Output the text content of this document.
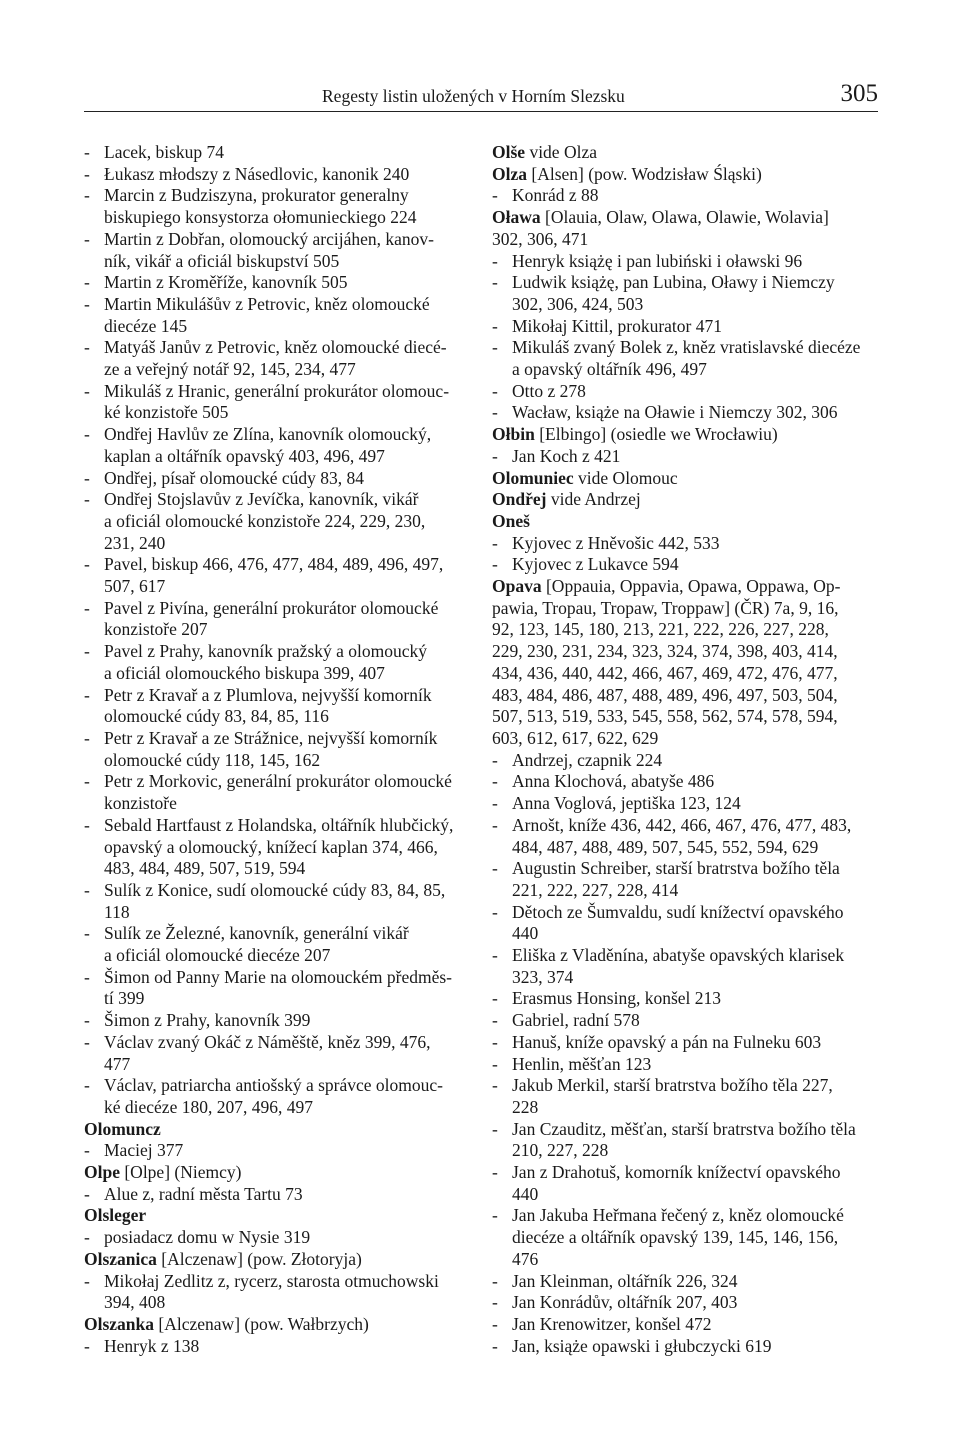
Regesty listin uložených v Horním Slezsku	305
- Lacek, biskup 74
- Łukasz młodszy z Násedlovic, kanonik 240
- Marcin z Budziszyna, prokurator generalny
biskupiego konsystorza ołomunieckiego 224
- Martin z Dobřan, olomoucký arcijáhen, kanov-
ník, vikář a oficiál biskupství 505
- Martin z Kroměříže, kanovník 505
- Martin Mikulášův z Petrovic, kněz olomoucké
diecéze 145
- Matyáš Janův z Petrovic, kněz olomoucké diecé-
ze a veřejný notář 92, 145, 234, 477
- Mikuláš z Hranic, generální prokurátor olomouc-
ké konzistoře 505
- Ondřej Havlův ze Zlína, kanovník olomoucký,
kaplan a oltářník opavský 403, 496, 497
- Ondřej, písař olomoucké cúdy 83, 84
- Ondřej Stojslavův z Jevíčka, kanovník, vikář
a oficiál olomoucké konzistoře 224, 229, 230,
231, 240
- Pavel, biskup 466, 476, 477, 484, 489, 496, 497,
507, 617
- Pavel z Pivína, generální prokurátor olomoucké
konzistoře 207
- Pavel z Prahy, kanovník pražský a olomoucký
a oficiál olomouckého biskupa 399, 407
- Petr z Kravař a z Plumlova, nejvyšší komorník
olomoucké cúdy 83, 84, 85, 116
- Petr z Kravař a ze Strážnice, nejvyšší komorník
olomoucké cúdy 118, 145, 162
- Petr z Morkovic, generální prokurátor olomoucké
konzistoře
- Sebald Hartfaust z Holandska, oltářník hlubčický,
opavský a olomoucký, knížecí kaplan 374, 466,
483, 484, 489, 507, 519, 594
- Sulík z Konice, sudí olomoucké cúdy 83, 84, 85,
118
- Sulík ze Železné, kanovník, generální vikář
a oficiál olomoucké diecéze 207
- Šimon od Panny Marie na olomouckém předměs-
tí 399
- Šimon z Prahy, kanovník 399
- Václav zvaný Okáč z Náměště, kněz 399, 476,
477
- Václav, patriarcha antiošský a správce olomouc-
ké diecéze 180, 207, 496, 497
Olomuncz
- Maciej 377
Olpe [Olpe] (Niemcy)
- Alue z, radní města Tartu 73
Olsleger
- posiadacz domu w Nysie 319
Olszanica [Alczenaw] (pow. Złotoryja)
- Mikołaj Zedlitz z, rycerz, starosta otmuchowski
394, 408
Olszanka [Alczenaw] (pow. Wałbrzych)
- Henryk z 138
Olše vide Olza
Olza [Alsen] (pow. Wodzisław Śląski)
- Konrád z 88
Oława [Olauia, Olaw, Olawa, Olawie, Wolavia]
302, 306, 471
- Henryk książę i pan lubiński i oławski 96
- Ludwik książę, pan Lubina, Oławy i Niemczy
302, 306, 424, 503
- Mikołaj Kittil, prokurator 471
- Mikuláš zvaný Bolek z, kněz vratislavské diecéze
a opavský oltářník 496, 497
- Otto z 278
- Wacław, książe na Oławie i Niemczy 302, 306
Ołbin [Elbingo] (osiedle we Wrocławiu)
- Jan Koch z 421
Olomuniec vide Olomouc
Ondřej vide Andrzej
Oneš
- Kyjovec z Hněvošic 442, 533
- Kyjovec z Lukavce 594
Opava [Oppauia, Oppavia, Opawa, Oppawa, Op-
pawia, Tropau, Tropaw, Troppaw] (ČR) 7a, 9, 16,
92, 123, 145, 180, 213, 221, 222, 226, 227, 228,
229, 230, 231, 234, 323, 324, 374, 398, 403, 414,
434, 436, 440, 442, 466, 467, 469, 472, 476, 477,
483, 484, 486, 487, 488, 489, 496, 497, 503, 504,
507, 513, 519, 533, 545, 558, 562, 574, 578, 594,
603, 612, 617, 622, 629
- Andrzej, czapnik 224
- Anna Klochová, abatyše 486
- Anna Voglová, jeptiška 123, 124
- Arnošt, kníže 436, 442, 466, 467, 476, 477, 483,
484, 487, 488, 489, 507, 545, 552, 594, 629
- Augustin Schreiber, starší bratrstva božího těla
221, 222, 227, 228, 414
- Dětoch ze Šumvaldu, sudí knížectví opavského
440
- Eliška z Vladěnína, abatyše opavských klarisek
323, 374
- Erasmus Honsing, konšel 213
- Gabriel, radní 578
- Hanuš, kníže opavský a pán na Fulneku 603
- Henlin, měšťan 123
- Jakub Merkil, starší bratrstva božího těla 227,
228
- Jan Czauditz, měšťan, starší bratrstva božího těla
210, 227, 228
- Jan z Drahotuš, komorník knížectví opavského
440
- Jan Jakuba Heřmana řečený z, kněz olomoucké
diecéze a oltářník opavský 139, 145, 146, 156,
476
- Jan Kleinman, oltářník 226, 324
- Jan Konrádův, oltářník 207, 403
- Jan Krenowitzer, konšel 472
- Jan, książe opawski i głubczycki 619
